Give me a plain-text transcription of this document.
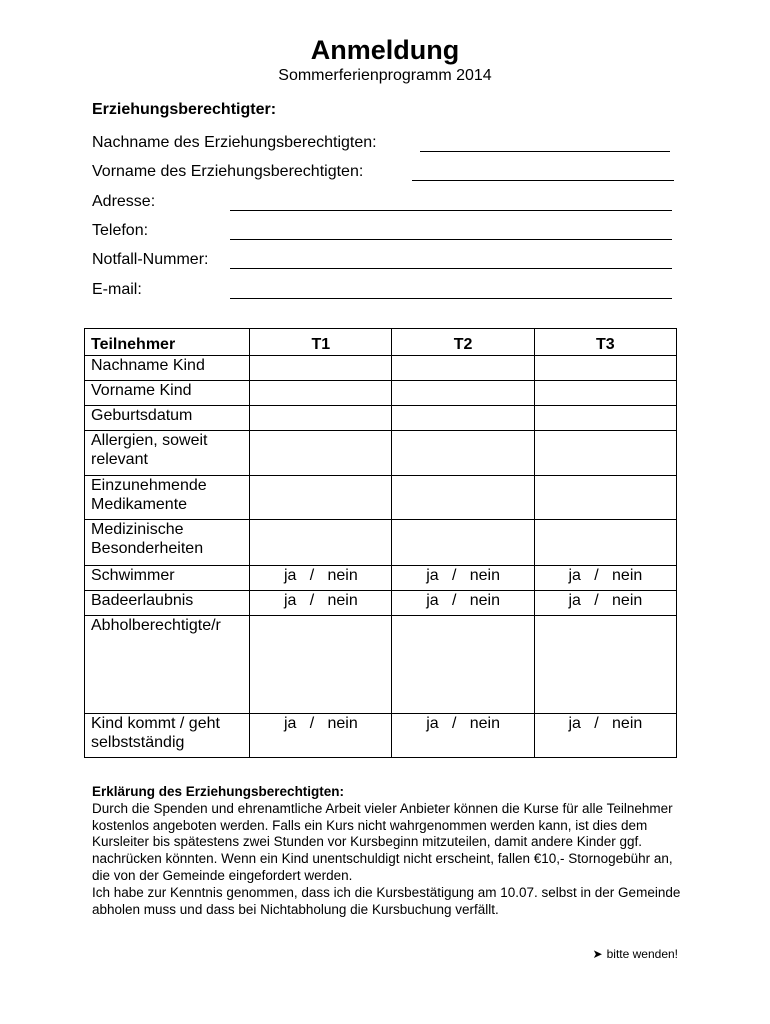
Anmeldung
Sommerferienprogramm 2014
Erziehungsberechtigter:
Nachname des Erziehungsberechtigten:
Vorname des Erziehungsberechtigten:
Adresse:
Telefon:
Notfall-Nummer:
E-mail:
Teilnehmer	T1	T2	T3
Nachname Kind			
Vorname Kind			
Geburtsdatum			
Allergien, soweit relevant			
Einzunehmende Medikamente			
Medizinische Besonderheiten			
Schwimmer	ja   /   nein	ja   /   nein	ja   /   nein
Badeerlaubnis	ja   /   nein	ja   /   nein	ja   /   nein
Abholberechtigte/r			
Kind kommt / geht selbstständig	ja   /   nein	ja   /   nein	ja   /   nein

Erklärung des Erziehungsberechtigten:

Durch die Spenden und ehrenamtliche Arbeit vieler Anbieter können die Kurse für alle Teilnehmer kostenlos angeboten werden. Falls ein Kurs nicht wahrgenommen werden kann, ist dies dem Kursleiter bis spätestens zwei Stunden vor Kursbeginn mitzuteilen, damit andere Kinder ggf. nachrücken könnten. Wenn ein Kind unentschuldigt nicht erscheint, fallen €10,- Stornogebühr an, die von der Gemeinde eingefordert werden.

Ich habe zur Kenntnis genommen, dass ich die Kursbestätigung am 10.07. selbst in der Gemeinde abholen muss und dass bei Nichtabholung die Kursbuchung verfällt.

➤ bitte wenden!
